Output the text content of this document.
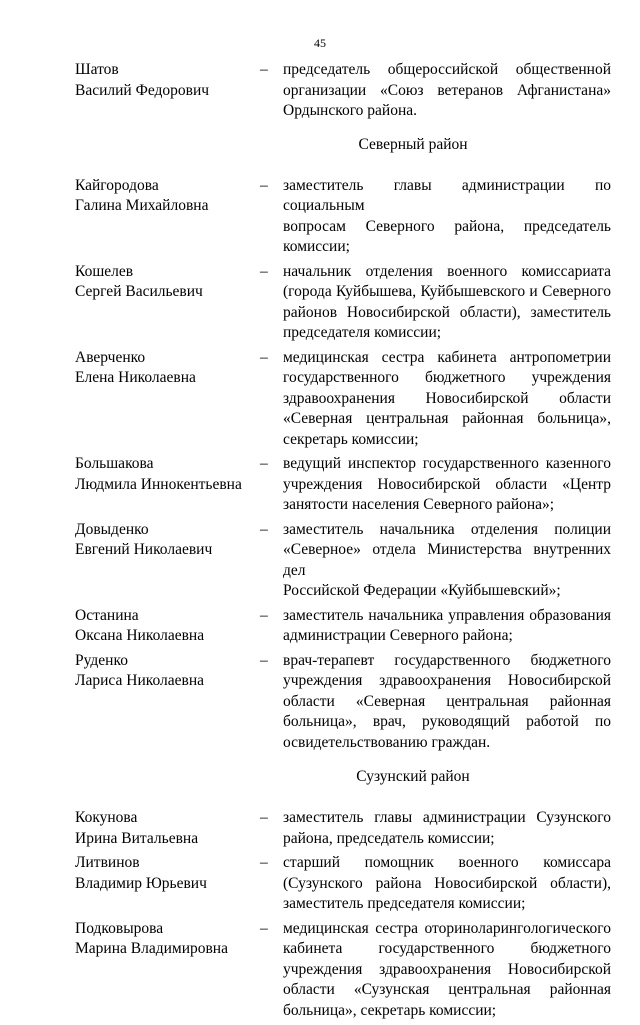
45
Шатов
Василий Федорович
– председатель общероссийской общественной
организации «Союз ветеранов Афганистана»
Ордынского района.
Северный район
Кайгородова
Галина Михайловна
– заместитель главы администрации по социальным
вопросам Северного района, председатель
комиссии;
Кошелев
Сергей Васильевич
– начальник отделения военного комиссариата
(города Куйбышева, Куйбышевского и Северного
районов Новосибирской области), заместитель
председателя комиссии;
Аверченко
Елена Николаевна
– медицинская сестра кабинета антропометрии
государственного бюджетного учреждения
здравоохранения Новосибирской области
«Северная центральная районная больница»,
секретарь комиссии;
Большакова
Людмила Иннокентьевна
– ведущий инспектор государственного казенного
учреждения Новосибирской области «Центр
занятости населения Северного района»;
Довыденко
Евгений Николаевич
– заместитель начальника отделения полиции
«Северное» отдела Министерства внутренних дел
Российской Федерации «Куйбышевский»;
Останина
Оксана Николаевна
– заместитель начальника управления образования
администрации Северного района;
Руденко
Лариса Николаевна
– врач-терапевт государственного бюджетного
учреждения здравоохранения Новосибирской
области «Северная центральная районная
больница», врач, руководящий работой по
освидетельствованию граждан.
Сузунский район
Кокунова
Ирина Витальевна
– заместитель главы администрации Сузунского
района, председатель комиссии;
Литвинов
Владимир Юрьевич
– старший помощник военного комиссара
(Сузунского района Новосибирской области),
заместитель председателя комиссии;
Подковырова
Марина Владимировна
– медицинская сестра оториноларингологического
кабинета государственного бюджетного
учреждения здравоохранения Новосибирской
области «Сузунская центральная районная
больница», секретарь комиссии;
